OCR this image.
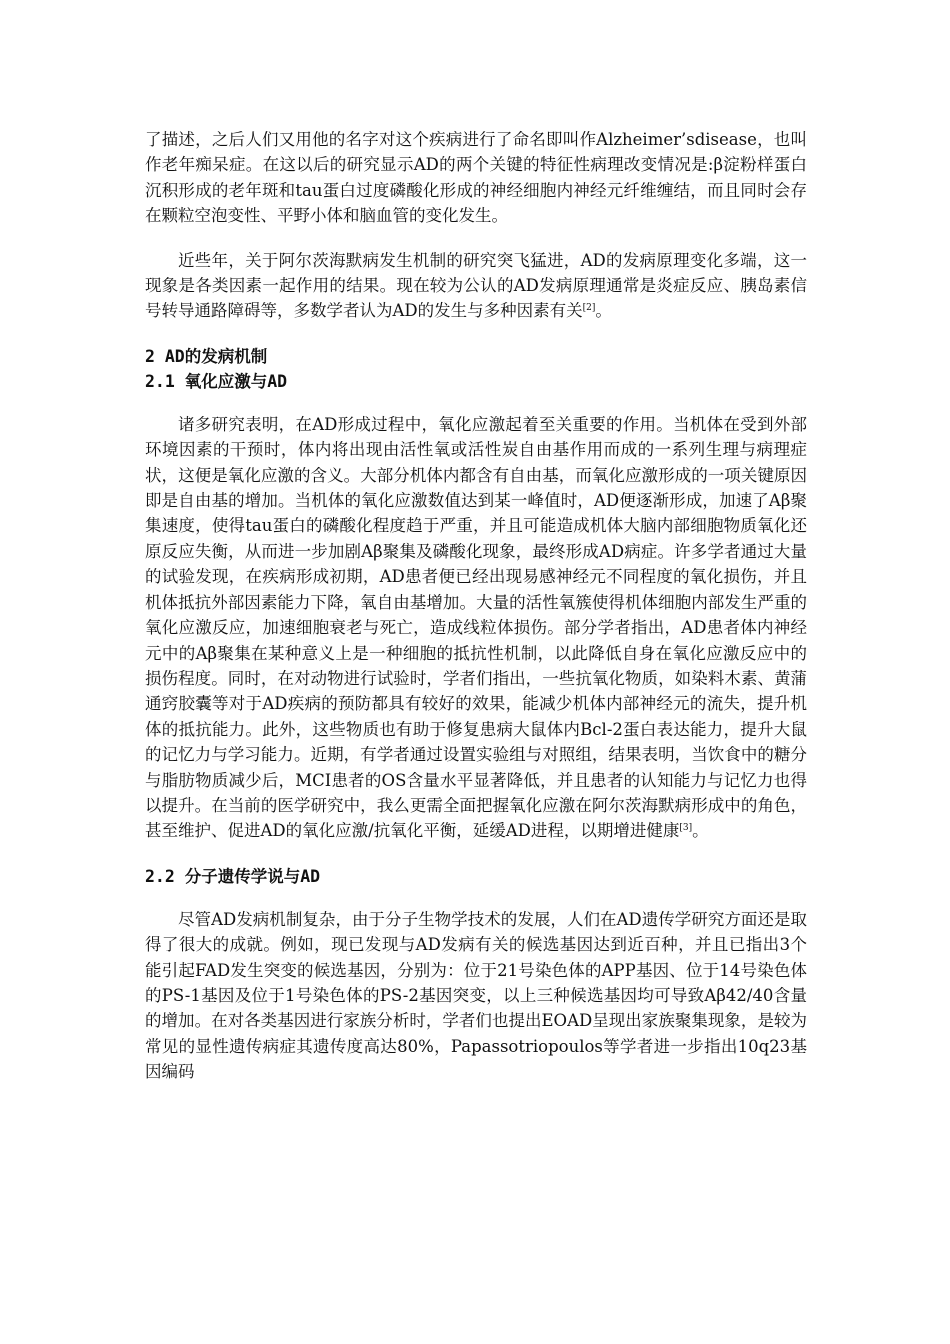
了描述，之后人们又用他的名字对这个疾病进行了命名即叫作Alzheimer’sdisease，也叫作老年痴呆症。在这以后的研究显示AD的两个关键的特征性病理改变情况是:β淀粉样蛋白沉积形成的老年斑和tau蛋白过度磷酸化形成的神经细胞内神经元纤维缠结，而且同时会存在颗粒空泡变性、平野小体和脑血管的变化发生。

近些年，关于阿尔茨海默病发生机制的研究突飞猛进，AD的发病原理变化多端，这一现象是各类因素一起作用的结果。现在较为公认的AD发病原理通常是炎症反应、胰岛素信号转导通路障碍等，多数学者认为AD的发生与多种因素有关[2]。

2 AD的发病机制
2.1 氧化应激与AD

诸多研究表明，在AD形成过程中，氧化应激起着至关重要的作用。当机体在受到外部环境因素的干预时，体内将出现由活性氧或活性炭自由基作用而成的一系列生理与病理症状，这便是氧化应激的含义。大部分机体内都含有自由基，而氧化应激形成的一项关键原因即是自由基的增加。当机体的氧化应激数值达到某一峰值时，AD便逐渐形成，加速了Aβ聚集速度，使得tau蛋白的磷酸化程度趋于严重，并且可能造成机体大脑内部细胞物质氧化还原反应失衡，从而进一步加剧Aβ聚集及磷酸化现象，最终形成AD病症。许多学者通过大量的试验发现，在疾病形成初期，AD患者便已经出现易感神经元不同程度的氧化损伤，并且机体抵抗外部因素能力下降，氧自由基增加。大量的活性氧簇使得机体细胞内部发生严重的氧化应激反应，加速细胞衰老与死亡，造成线粒体损伤。部分学者指出，AD患者体内神经元中的Aβ聚集在某种意义上是一种细胞的抵抗性机制，以此降低自身在氧化应激反应中的损伤程度。同时，在对动物进行试验时，学者们指出，一些抗氧化物质，如染料木素、黄蒲通窍胶囊等对于AD疾病的预防都具有较好的效果，能减少机体内部神经元的流失，提升机体的抵抗能力。此外，这些物质也有助于修复患病大鼠体内Bcl-2蛋白表达能力，提升大鼠的记忆力与学习能力。近期，有学者通过设置实验组与对照组，结果表明，当饮食中的糖分与脂肪物质减少后，MCI患者的OS含量水平显著降低，并且患者的认知能力与记忆力也得以提升。在当前的医学研究中，我么更需全面把握氧化应激在阿尔茨海默病形成中的角色，甚至维护、促进AD的氧化应激/抗氧化平衡，延缓AD进程，以期增进健康[3]。

2.2 分子遗传学说与AD

尽管AD发病机制复杂，由于分子生物学技术的发展，人们在AD遗传学研究方面还是取得了很大的成就。例如，现已发现与AD发病有关的候选基因达到近百种，并且已指出3个能引起FAD发生突变的候选基因，分别为：位于21号染色体的APP基因、位于14号染色体的PS-1基因及位于1号染色体的PS-2基因突变，以上三种候选基因均可导致Aβ42/40含量的增加。在对各类基因进行家族分析时，学者们也提出EOAD呈现出家族聚集现象，是较为常见的显性遗传病症其遗传度高达80%，Papassotriopoulos等学者进一步指出10q23基因编码
